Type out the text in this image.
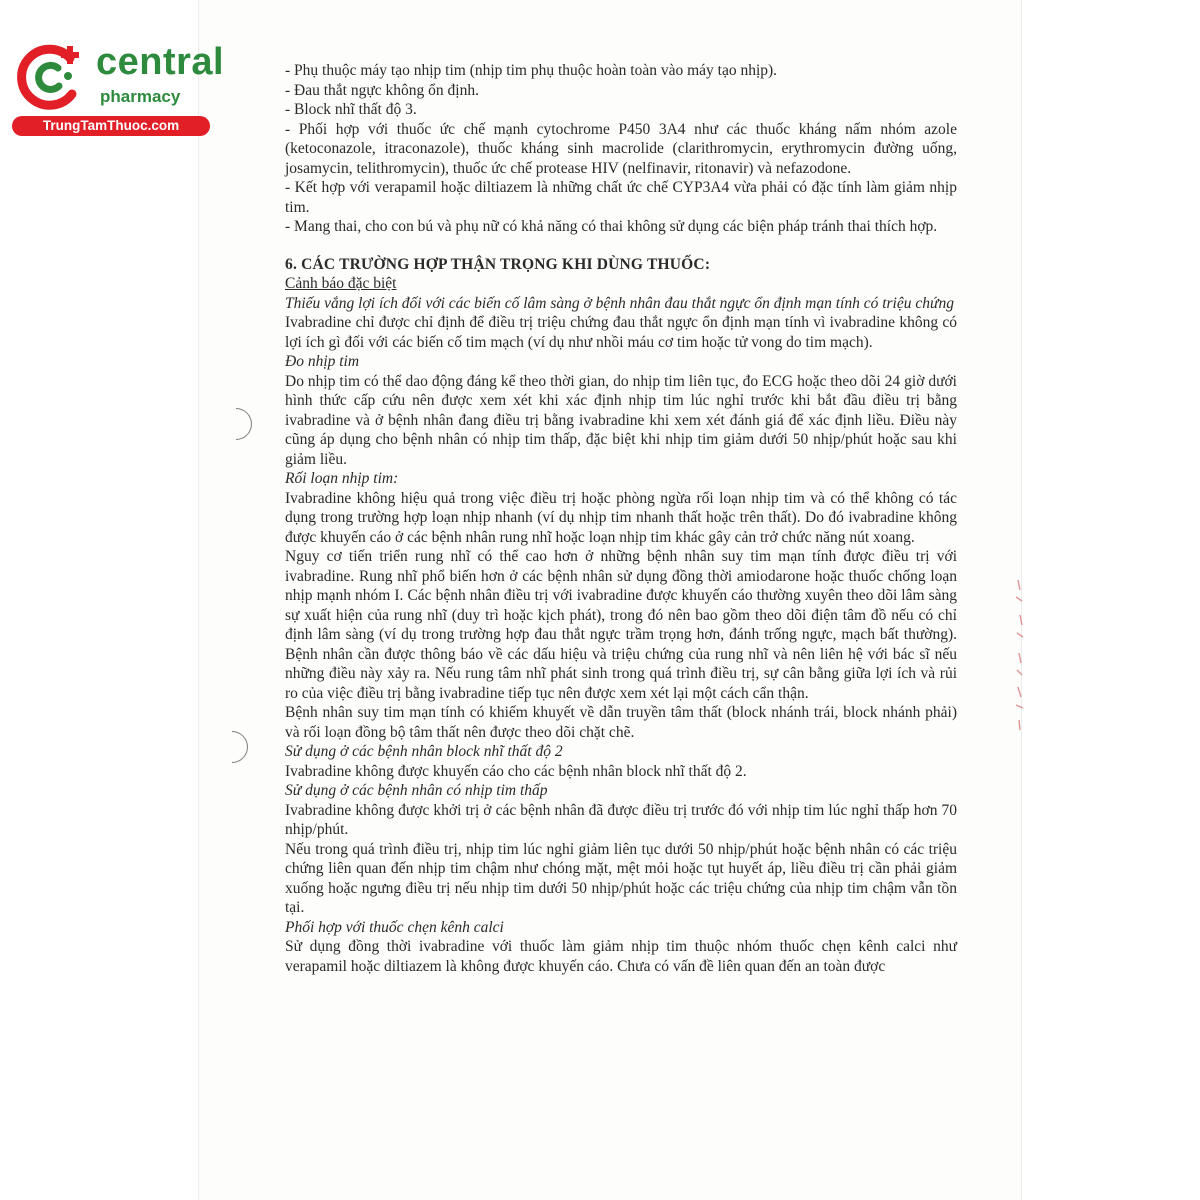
central
pharmacy
TrungTamThuoc.com

- Phụ thuộc máy tạo nhịp tim (nhịp tim phụ thuộc hoàn toàn vào máy tạo nhịp).

- Đau thắt ngực không ổn định.

- Block nhĩ thất độ 3.

- Phối hợp với thuốc ức chế mạnh cytochrome P450 3A4 như các thuốc kháng nấm nhóm azole (ketoconazole, itraconazole), thuốc kháng sinh macrolide (clarithromycin, erythromycin đường uống, josamycin, telithromycin), thuốc ức chế protease HIV (nelfinavir, ritonavir) và nefazodone.

- Kết hợp với verapamil hoặc diltiazem là những chất ức chế CYP3A4 vừa phải có đặc tính làm giảm nhịp tim.

- Mang thai, cho con bú và phụ nữ có khả năng có thai không sử dụng các biện pháp tránh thai thích hợp.

6. CÁC TRƯỜNG HỢP THẬN TRỌNG KHI DÙNG THUỐC:

Cảnh báo đặc biệt

Thiếu vắng lợi ích đối với các biến cố lâm sàng ở bệnh nhân đau thắt ngực ổn định mạn tính có triệu chứng

Ivabradine chỉ được chỉ định để điều trị triệu chứng đau thắt ngực ổn định mạn tính vì ivabradine không có lợi ích gì đối với các biến cố tim mạch (ví dụ như nhồi máu cơ tim hoặc tử vong do tim mạch).

Đo nhịp tim

Do nhịp tim có thể dao động đáng kể theo thời gian, do nhịp tim liên tục, đo ECG hoặc theo dõi 24 giờ dưới hình thức cấp cứu nên được xem xét khi xác định nhịp tim lúc nghỉ trước khi bắt đầu điều trị bằng ivabradine và ở bệnh nhân đang điều trị bằng ivabradine khi xem xét đánh giá để xác định liều. Điều này cũng áp dụng cho bệnh nhân có nhịp tim thấp, đặc biệt khi nhịp tim giảm dưới 50 nhịp/phút hoặc sau khi giảm liều.

Rối loạn nhịp tim:

Ivabradine không hiệu quả trong việc điều trị hoặc phòng ngừa rối loạn nhịp tim và có thể không có tác dụng trong trường hợp loạn nhịp nhanh (ví dụ nhịp tim nhanh thất hoặc trên thất). Do đó ivabradine không được khuyến cáo ở các bệnh nhân rung nhĩ hoặc loạn nhịp tim khác gây cản trở chức năng nút xoang.

Nguy cơ tiến triển rung nhĩ có thể cao hơn ở những bệnh nhân suy tim mạn tính được điều trị với ivabradine. Rung nhĩ phổ biến hơn ở các bệnh nhân sử dụng đồng thời amiodarone hoặc thuốc chống loạn nhịp mạnh nhóm I. Các bệnh nhân điều trị với ivabradine được khuyến cáo thường xuyên theo dõi lâm sàng sự xuất hiện của rung nhĩ (duy trì hoặc kịch phát), trong đó nên bao gồm theo dõi điện tâm đồ nếu có chỉ định lâm sàng (ví dụ trong trường hợp đau thắt ngực trầm trọng hơn, đánh trống ngực, mạch bất thường). Bệnh nhân cần được thông báo về các dấu hiệu và triệu chứng của rung nhĩ và nên liên hệ với bác sĩ nếu những điều này xảy ra. Nếu rung tâm nhĩ phát sinh trong quá trình điều trị, sự cân bằng giữa lợi ích và rủi ro của việc điều trị bằng ivabradine tiếp tục nên được xem xét lại một cách cẩn thận.

Bệnh nhân suy tim mạn tính có khiếm khuyết về dẫn truyền tâm thất (block nhánh trái, block nhánh phải) và rối loạn đồng bộ tâm thất nên được theo dõi chặt chẽ.

Sử dụng ở các bệnh nhân block nhĩ thất độ 2

Ivabradine không được khuyến cáo cho các bệnh nhân block nhĩ thất độ 2.

Sử dụng ở các bệnh nhân có nhịp tim thấp

Ivabradine không được khởi trị ở các bệnh nhân đã được điều trị trước đó với nhịp tim lúc nghỉ thấp hơn 70 nhịp/phút.

Nếu trong quá trình điều trị, nhịp tim lúc nghỉ giảm liên tục dưới 50 nhịp/phút hoặc bệnh nhân có các triệu chứng liên quan đến nhịp tim chậm như chóng mặt, mệt mỏi hoặc tụt huyết áp, liều điều trị cần phải giảm xuống hoặc ngưng điều trị nếu nhịp tim dưới 50 nhịp/phút hoặc các triệu chứng của nhịp tim chậm vẫn tồn tại.

Phối hợp với thuốc chẹn kênh calci

Sử dụng đồng thời ivabradine với thuốc làm giảm nhịp tim thuộc nhóm thuốc chẹn kênh calci như verapamil hoặc diltiazem là không được khuyến cáo. Chưa có vấn đề liên quan đến an toàn được
